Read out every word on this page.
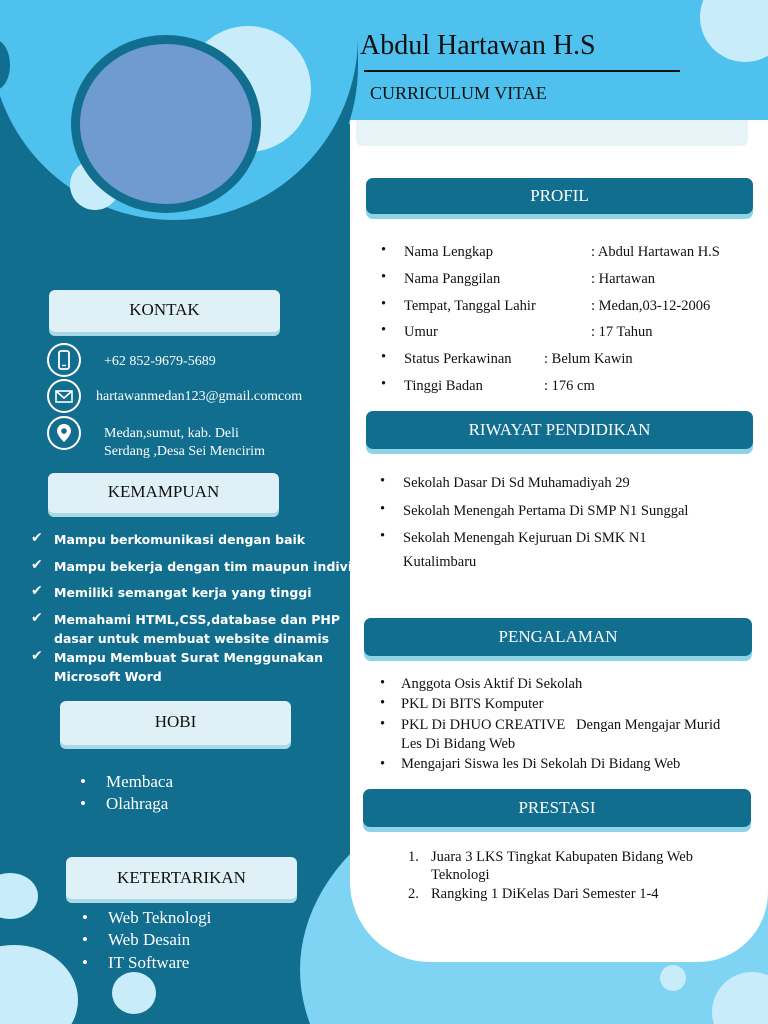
Abdul Hartawan H.S
CURRICULUM VITAE
PROFIL
• Nama Lengkap	: Abdul Hartawan H.S
• Nama Panggilan	: Hartawan
• Tempat, Tanggal Lahir	: Medan,03-12-2006
• Umur	: 17 Tahun
• Status Perkawinan : Belum Kawin
• Tinggi Badan	: 176 cm
RIWAYAT PENDIDIKAN
• Sekolah Dasar Di Sd Muhamadiyah 29
• Sekolah Menengah Pertama Di SMP N1 Sunggal
• Sekolah Menengah Kejuruan Di SMK N1
Kutalimbaru
PENGALAMAN
• Anggota Osis Aktif Di Sekolah
• PKL Di BITS Komputer
• PKL Di DHUO CREATIVE   Dengan Mengajar Murid
Les Di Bidang Web
• Mengajari Siswa les Di Sekolah Di Bidang Web
PRESTASI
1. Juara 3 LKS Tingkat Kabupaten Bidang Web
Teknologi
2. Rangking 1 DiKelas Dari Semester 1-4
KONTAK
+62 852-9679-5689
hartawanmedan123@gmail.comcom
Medan,sumut, kab. Deli
Serdang ,Desa Sei Mencirim
KEMAMPUAN
✔ Mampu berkomunikasi dengan baik
✔ Mampu bekerja dengan tim maupun individu
✔ Memiliki semangat kerja yang tinggi
✔ Memahami HTML,CSS,database dan PHP
dasar untuk membuat website dinamis
✔ Mampu Membuat Surat Menggunakan
Microsoft Word
HOBI
• Membaca
• Olahraga
KETERTARIKAN
• Web Teknologi
• Web Desain
• IT Software
